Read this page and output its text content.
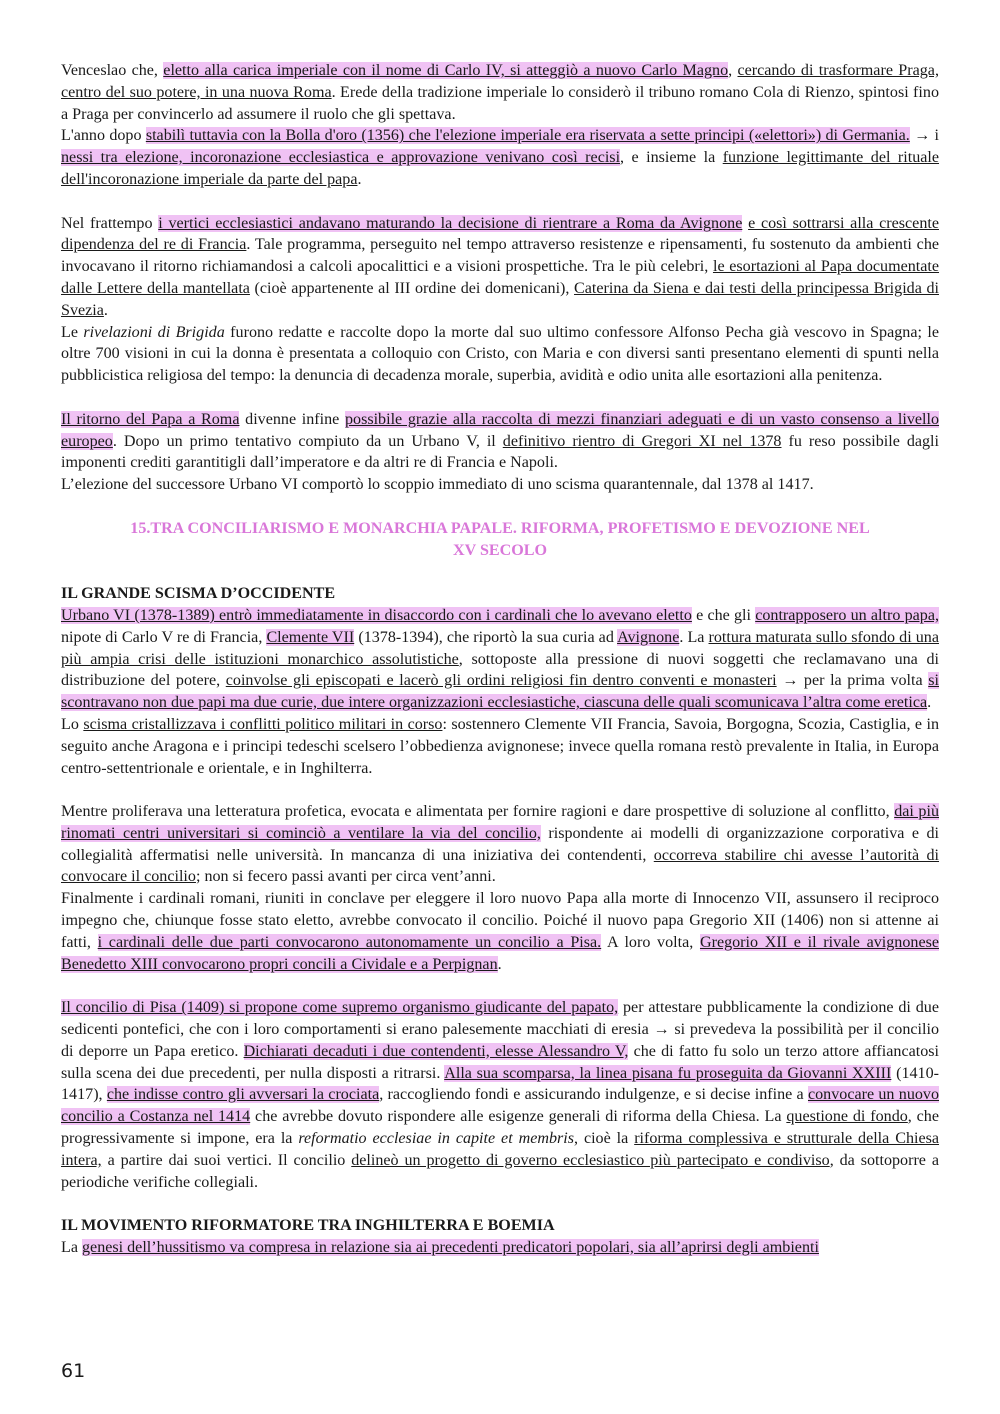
Venceslao che, eletto alla carica imperiale con il nome di Carlo IV, si atteggiò a nuovo Carlo Magno, cercando di trasformare Praga, centro del suo potere, in una nuova Roma. Erede della tradizione imperiale lo considerò il tribuno romano Cola di Rienzo, spintosi fino a Praga per convincerlo ad assumere il ruolo che gli spettava.

L'anno dopo stabilì tuttavia con la Bolla d'oro (1356) che l'elezione imperiale era riservata a sette principi («elettori») di Germania. → i nessi tra elezione, incoronazione ecclesiastica e approvazione venivano così recisi, e insieme la funzione legittimante del rituale dell'incoronazione imperiale da parte del papa.

Nel frattempo i vertici ecclesiastici andavano maturando la decisione di rientrare a Roma da Avignone e così sottrarsi alla crescente dipendenza del re di Francia. Tale programma, perseguito nel tempo attraverso resistenze e ripensamenti, fu sostenuto da ambienti che invocavano il ritorno richiamandosi a calcoli apocalittici e a visioni prospettiche. Tra le più celebri, le esortazioni al Papa documentate dalle Lettere della mantellata (cioè appartenente al III ordine dei domenicani), Caterina da Siena e dai testi della principessa Brigida di Svezia.

Le rivelazioni di Brigida furono redatte e raccolte dopo la morte dal suo ultimo confessore Alfonso Pecha già vescovo in Spagna; le oltre 700 visioni in cui la donna è presentata a colloquio con Cristo, con Maria e con diversi santi presentano elementi di spunti nella pubblicistica religiosa del tempo: la denuncia di decadenza morale, superbia, avidità e odio unita alle esortazioni alla penitenza.

Il ritorno del Papa a Roma divenne infine possibile grazie alla raccolta di mezzi finanziari adeguati e di un vasto consenso a livello europeo. Dopo un primo tentativo compiuto da un Urbano V, il definitivo rientro di Gregori XI nel 1378 fu reso possibile dagli imponenti crediti garantitigli dall’imperatore e da altri re di Francia e Napoli.

L’elezione del successore Urbano VI comportò lo scoppio immediato di uno scisma quarantennale, dal 1378 al 1417.

15.TRA CONCILIARISMO E MONARCHIA PAPALE. RIFORMA, PROFETISMO E DEVOZIONE NEL
XV SECOLO

IL GRANDE SCISMA D’OCCIDENTE

Urbano VI (1378-1389) entrò immediatamente in disaccordo con i cardinali che lo avevano eletto e che gli contrapposero un altro papa, nipote di Carlo V re di Francia, Clemente VII (1378-1394), che riportò la sua curia ad Avignone. La rottura maturata sullo sfondo di una più ampia crisi delle istituzioni monarchico assolutistiche, sottoposte alla pressione di nuovi soggetti che reclamavano una di distribuzione del potere, coinvolse gli episcopati e lacerò gli ordini religiosi fin dentro conventi e monasteri → per la prima volta si scontravano non due papi ma due curie, due intere organizzazioni ecclesiastiche, ciascuna delle quali scomunicava l’altra come eretica.

Lo scisma cristallizzava i conflitti politico militari in corso: sostennero Clemente VII Francia, Savoia, Borgogna, Scozia, Castiglia, e in seguito anche Aragona e i principi tedeschi scelsero l’obbedienza avignonese; invece quella romana restò prevalente in Italia, in Europa centro-settentrionale e orientale, e in Inghilterra.

Mentre proliferava una letteratura profetica, evocata e alimentata per fornire ragioni e dare prospettive di soluzione al conflitto, dai più rinomati centri universitari si cominciò a ventilare la via del concilio, rispondente ai modelli di organizzazione corporativa e di collegialità affermatisi nelle università. In mancanza di una iniziativa dei contendenti, occorreva stabilire chi avesse l’autorità di convocare il concilio; non si fecero passi avanti per circa vent’anni.

Finalmente i cardinali romani, riuniti in conclave per eleggere il loro nuovo Papa alla morte di Innocenzo VII, assunsero il reciproco impegno che, chiunque fosse stato eletto, avrebbe convocato il concilio. Poiché il nuovo papa Gregorio XII (1406) non si attenne ai fatti, i cardinali delle due parti convocarono autonomamente un concilio a Pisa. A loro volta, Gregorio XII e il rivale avignonese Benedetto XIII convocarono propri concili a Cividale e a Perpignan.

Il concilio di Pisa (1409) si propone come supremo organismo giudicante del papato, per attestare pubblicamente la condizione di due sedicenti pontefici, che con i loro comportamenti si erano palesemente macchiati di eresia → si prevedeva la possibilità per il concilio di deporre un Papa eretico. Dichiarati decaduti i due contendenti, elesse Alessandro V, che di fatto fu solo un terzo attore affiancatosi sulla scena dei due precedenti, per nulla disposti a ritrarsi. Alla sua scomparsa, la linea pisana fu proseguita da Giovanni XXIII (1410-1417), che indisse contro gli avversari la crociata, raccogliendo fondi e assicurando indulgenze, e si decise infine a convocare un nuovo concilio a Costanza nel 1414 che avrebbe dovuto rispondere alle esigenze generali di riforma della Chiesa. La questione di fondo, che progressivamente si impone, era la reformatio ecclesiae in capite et membris, cioè la riforma complessiva e strutturale della Chiesa intera, a partire dai suoi vertici. Il concilio delineò un progetto di governo ecclesiastico più partecipato e condiviso, da sottoporre a periodiche verifiche collegiali.

IL MOVIMENTO RIFORMATORE TRA INGHILTERRA E BOEMIA

La genesi dell’hussitismo va compresa in relazione sia ai precedenti predicatori popolari, sia all’aprirsi degli ambienti

61
